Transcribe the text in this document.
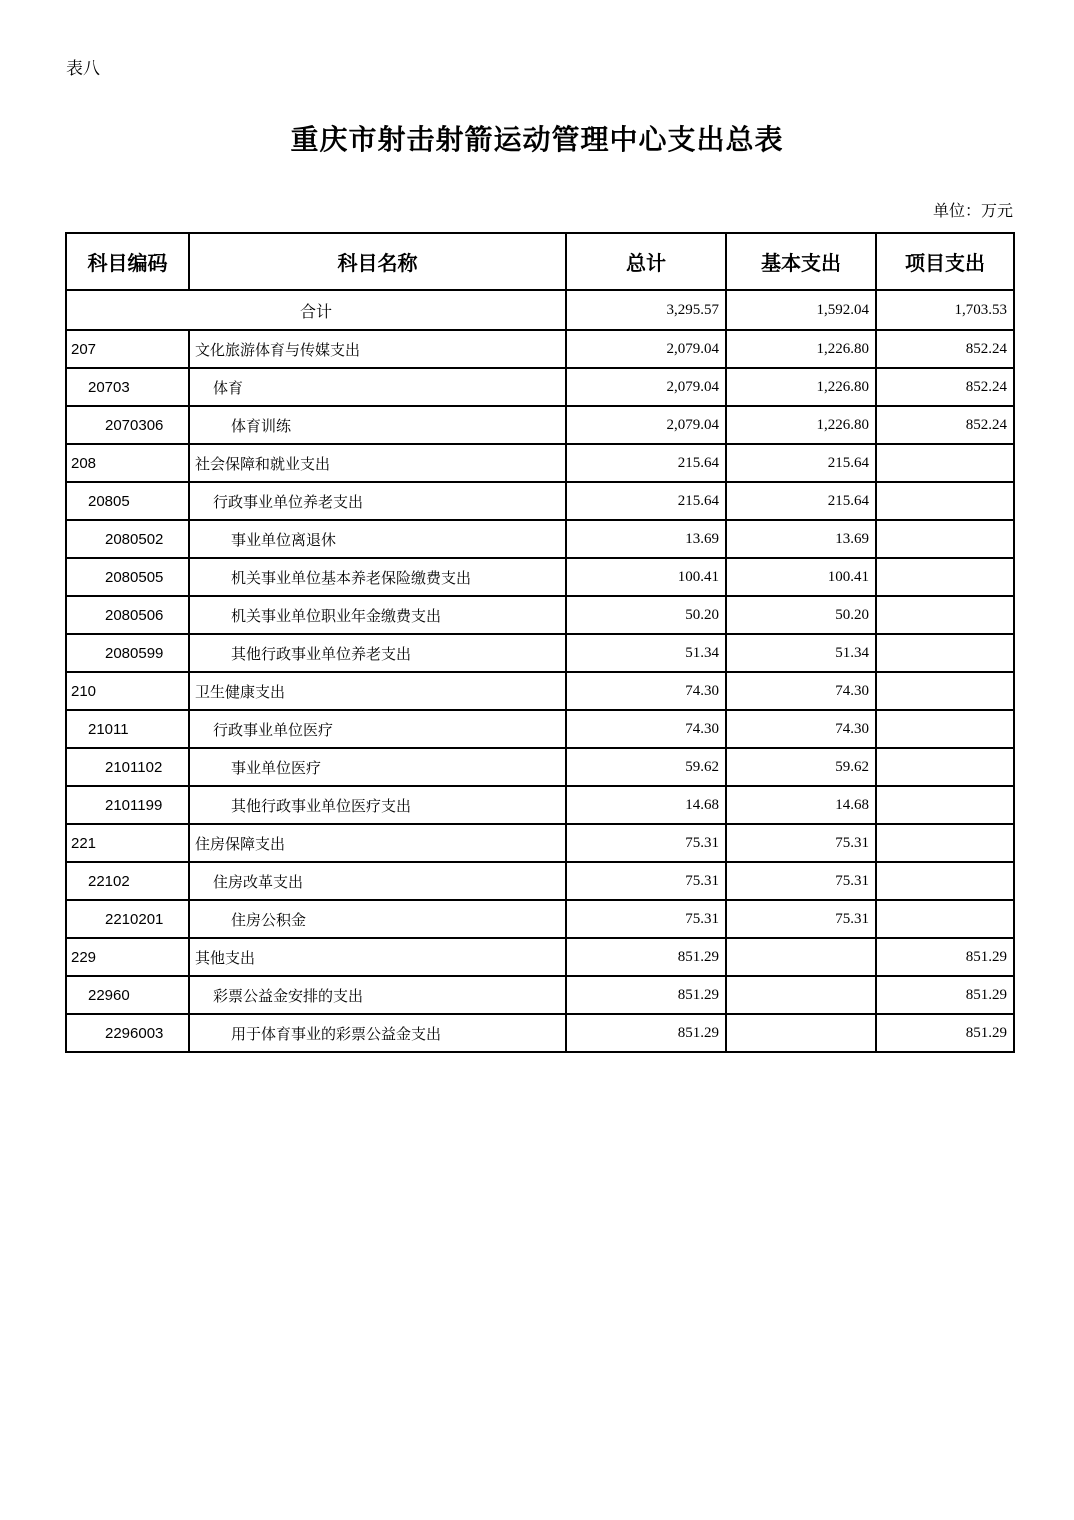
表八
重庆市射击射箭运动管理中心支出总表
单位：万元
科目编码	科目名称	总计	基本支出	项目支出
合计		3,295.57	1,592.04	1,703.53
207	文化旅游体育与传媒支出	2,079.04	1,226.80	852.24
20703	体育	2,079.04	1,226.80	852.24
2070306	体育训练	2,079.04	1,226.80	852.24
208	社会保障和就业支出	215.64	215.64	
20805	行政事业单位养老支出	215.64	215.64	
2080502	事业单位离退休	13.69	13.69	
2080505	机关事业单位基本养老保险缴费支出	100.41	100.41	
2080506	机关事业单位职业年金缴费支出	50.20	50.20	
2080599	其他行政事业单位养老支出	51.34	51.34	
210	卫生健康支出	74.30	74.30	
21011	行政事业单位医疗	74.30	74.30	
2101102	事业单位医疗	59.62	59.62	
2101199	其他行政事业单位医疗支出	14.68	14.68	
221	住房保障支出	75.31	75.31	
22102	住房改革支出	75.31	75.31	
2210201	住房公积金	75.31	75.31	
229	其他支出	851.29		851.29
22960	彩票公益金安排的支出	851.29		851.29
2296003	用于体育事业的彩票公益金支出	851.29		851.29
